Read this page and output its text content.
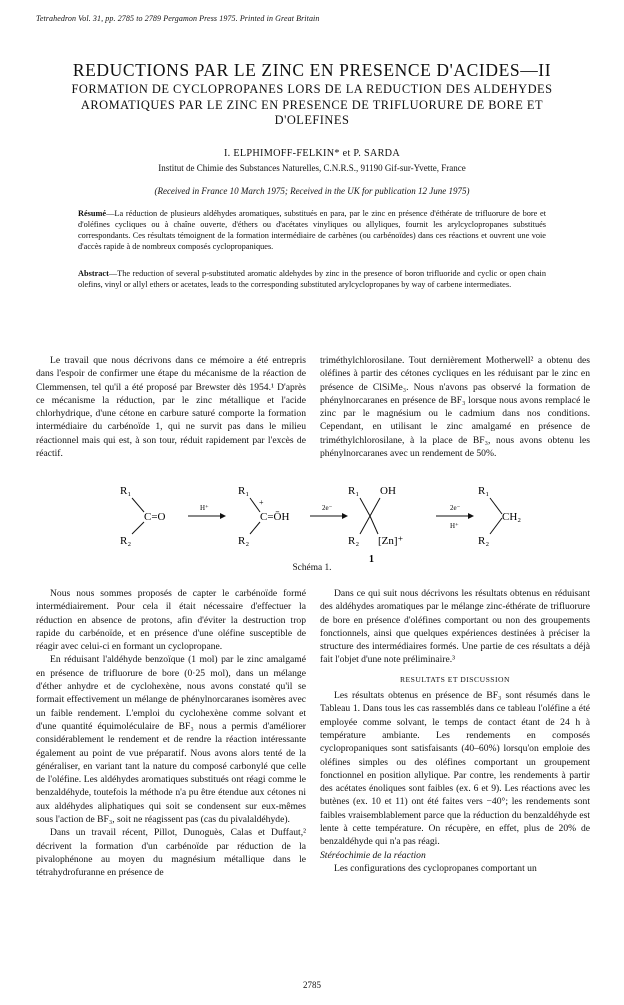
Tetrahedron Vol. 31, pp. 2785 to 2789 Pergamon Press 1975. Printed in Great Britain
REDUCTIONS PAR LE ZINC EN PRESENCE D'ACIDES—II
FORMATION DE CYCLOPROPANES LORS DE LA REDUCTION DES ALDEHYDES AROMATIQUES PAR LE ZINC EN PRESENCE DE TRIFLUORURE DE BORE ET D'OLEFINES
I. ELPHIMOFF-FELKIN* et P. SARDA
Institut de Chimie des Substances Naturelles, C.N.R.S., 91190 Gif-sur-Yvette, France
(Received in France 10 March 1975; Received in the UK for publication 12 June 1975)
Résumé—La réduction de plusieurs aldéhydes aromatiques, substitués en para, par le zinc en présence d'éthérate de trifluorure de bore et d'oléfines cycliques ou à chaîne ouverte, d'éthers ou d'acétates vinyliques ou allyliques, fournit les arylcyclopropanes substitués correspondants. Ces résultats témoignent de la formation intermédiaire de carbènes (ou carbénoïdes) dans ces réactions et ouvrent une voie d'accès rapide à de nombreux composés cyclopropaniques.
Abstract—The reduction of several p-substituted aromatic aldehydes by zinc in the presence of boron trifluoride and cyclic or open chain olefins, vinyl or allyl ethers or acetates, leads to the corresponding substituted arylcyclopropanes by way of carbene intermediates.

Le travail que nous décrivons dans ce mémoire a été entrepris dans l'espoir de confirmer une étape du mécanisme de la réaction de Clemmensen, tel qu'il a été proposé par Brewster dès 1954.¹ D'après ce mécanisme la réduction, par le zinc métallique et l'acide chlorhydrique, d'une cétone en carbure saturé comporte la formation intermédiaire du carbénoïde 1, qui ne survit pas dans le milieu réactionnel mais qui est, à son tour, réduit rapidement par l'excès de réactif.

triméthylchlorosilane. Tout dernièrement Motherwell² a obtenu des oléfines à partir des cétones cycliques en les réduisant par le zinc en présence de ClSiMe₃. Nous n'avons pas observé la formation de phénylnorcaranes en présence de BF₃ lorsque nous avons remplacé le zinc par le magnésium ou le cadmium dans nos conditions. Cependant, en utilisant le zinc amalgamé en présence de triméthylchlorosilane, à la place de BF₃, nous avons obtenu les phénylnorcaranes avec un rendement de 50%.

R₁
R₂
C=O
H⁺
R₁
R₂
+
C=ŌH
2e⁻
R₁ OH
R₂ [Zn]⁺
1
2e⁻
H⁺
R₁
R₂
CH₂
Schéma 1.

Nous nous sommes proposés de capter le carbénoïde formé intermédiairement. Pour cela il était nécessaire d'effectuer la réduction en absence de protons, afin d'éviter la destruction trop rapide du carbénoïde, et en présence d'une oléfine susceptible de réagir avec celui-ci en formant un cyclopropane.

En réduisant l'aldéhyde benzoïque (1 mol) par le zinc amalgamé en présence de trifluorure de bore (0·25 mol), dans un mélange d'éther anhydre et de cyclohexène, nous avons constaté qu'il se formait effectivement un mélange de phénylnorcaranes isomères avec un faible rendement. L'emploi du cyclohexène comme solvant et d'une quantité équimoléculaire de BF₃ nous a permis d'améliorer considérablement le rendement et de rendre la réaction intéressante également au point de vue préparatif. Nous avons alors tenté de la généraliser, en variant tant la nature du composé carbonylé que celle de l'oléfine. Les aldéhydes aromatiques substitués ont réagi comme le benzaldéhyde, toutefois la méthode n'a pu être étendue aux cétones ni aux aldéhydes aliphatiques qui soit se condensent sur eux-mêmes sous l'action de BF₃, soit ne réagissent pas (cas du pivalaldéhyde).

Dans un travail récent, Pillot, Dunoguès, Calas et Duffaut,² décrivent la formation d'un carbénoïde par réduction de la pivalophénone au moyen du magnésium métallique dans le tétrahydrofuranne en présence de

Dans ce qui suit nous décrivons les résultats obtenus en réduisant des aldéhydes aromatiques par le mélange zinc-éthérate de trifluorure de bore en présence d'oléfines comportant ou non des groupements fonctionnels, ainsi que quelques expériences destinées à préciser la structure des intermédiaires formés. Une partie de ces résultats a déjà fait l'objet d'une note préliminaire.³

RESULTATS ET DISCUSSION

Les résultats obtenus en présence de BF₃ sont résumés dans le Tableau 1. Dans tous les cas rassemblés dans ce tableau l'oléfine a été employée comme solvant, le temps de contact étant de 24 h à température ambiante. Les rendements en composés cyclopropaniques sont satisfaisants (40–60%) lorsqu'on emploie des oléfines simples ou des oléfines comportant un groupement fonctionnel en position allylique. Par contre, les rendements à partir des acétates énoliques sont faibles (ex. 6 et 9). Les réactions avec les butènes (ex. 10 et 11) ont été faites vers −40°; les rendements sont faibles vraisemblablement parce que la réduction du benzaldéhyde est lente à cette température. On récupère, en effet, plus de 20% de benzaldéhyde qui n'a pas réagi.

Stéréochimie de la réaction

Les configurations des cyclopropanes comportant un

2785
